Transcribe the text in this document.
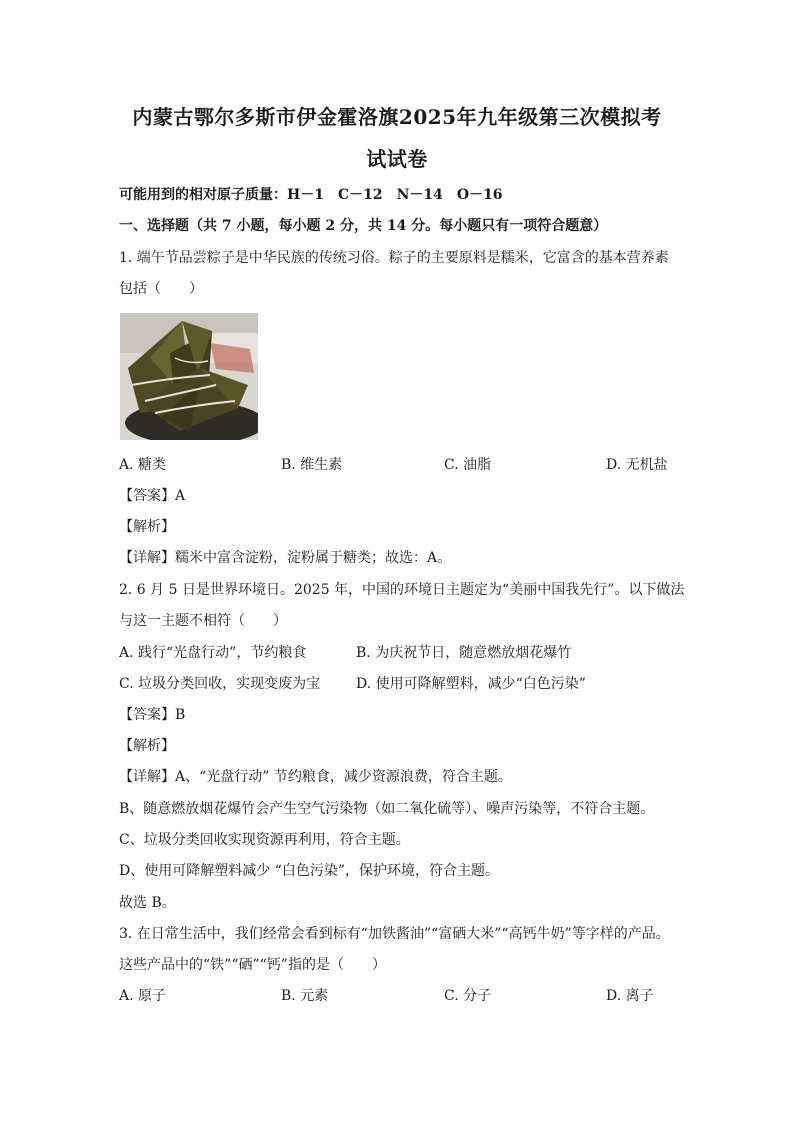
内蒙古鄂尔多斯市伊金霍洛旗2025年九年级第三次模拟考
试试卷
可能用到的相对原子质量：H－1　C－12　N－14　O－16
一、选择题（共 7 小题，每小题 2 分，共 14 分。每小题只有一项符合题意）
1. 端午节品尝粽子是中华民族的传统习俗。粽子的主要原料是糯米，它富含的基本营养素
包括（　　）
A. 糖类	B. 维生素	C. 油脂	D. 无机盐
【答案】A
【解析】
【详解】糯米中富含淀粉，淀粉属于糖类；故选：A。
2. 6 月 5 日是世界环境日。2025 年，中国的环境日主题定为“美丽中国我先行”。以下做法
与这一主题不相符（　　）
A. 践行“光盘行动”，节约粮食	B. 为庆祝节日，随意燃放烟花爆竹
C. 垃圾分类回收，实现变废为宝	D. 使用可降解塑料，减少“白色污染”
【答案】B
【解析】
【详解】A、“光盘行动” 节约粮食，减少资源浪费，符合主题。
B、随意燃放烟花爆竹会产生空气污染物（如二氧化硫等）、噪声污染等，不符合主题。
C、垃圾分类回收实现资源再利用，符合主题。
D、使用可降解塑料减少 “白色污染”，保护环境，符合主题。
故选 B。
3. 在日常生活中，我们经常会看到标有“加铁酱油”“富硒大米”“高钙牛奶”等字样的产品。
这些产品中的“铁”“硒”“钙”指的是（　　）
A. 原子	B. 元素	C. 分子	D. 离子
